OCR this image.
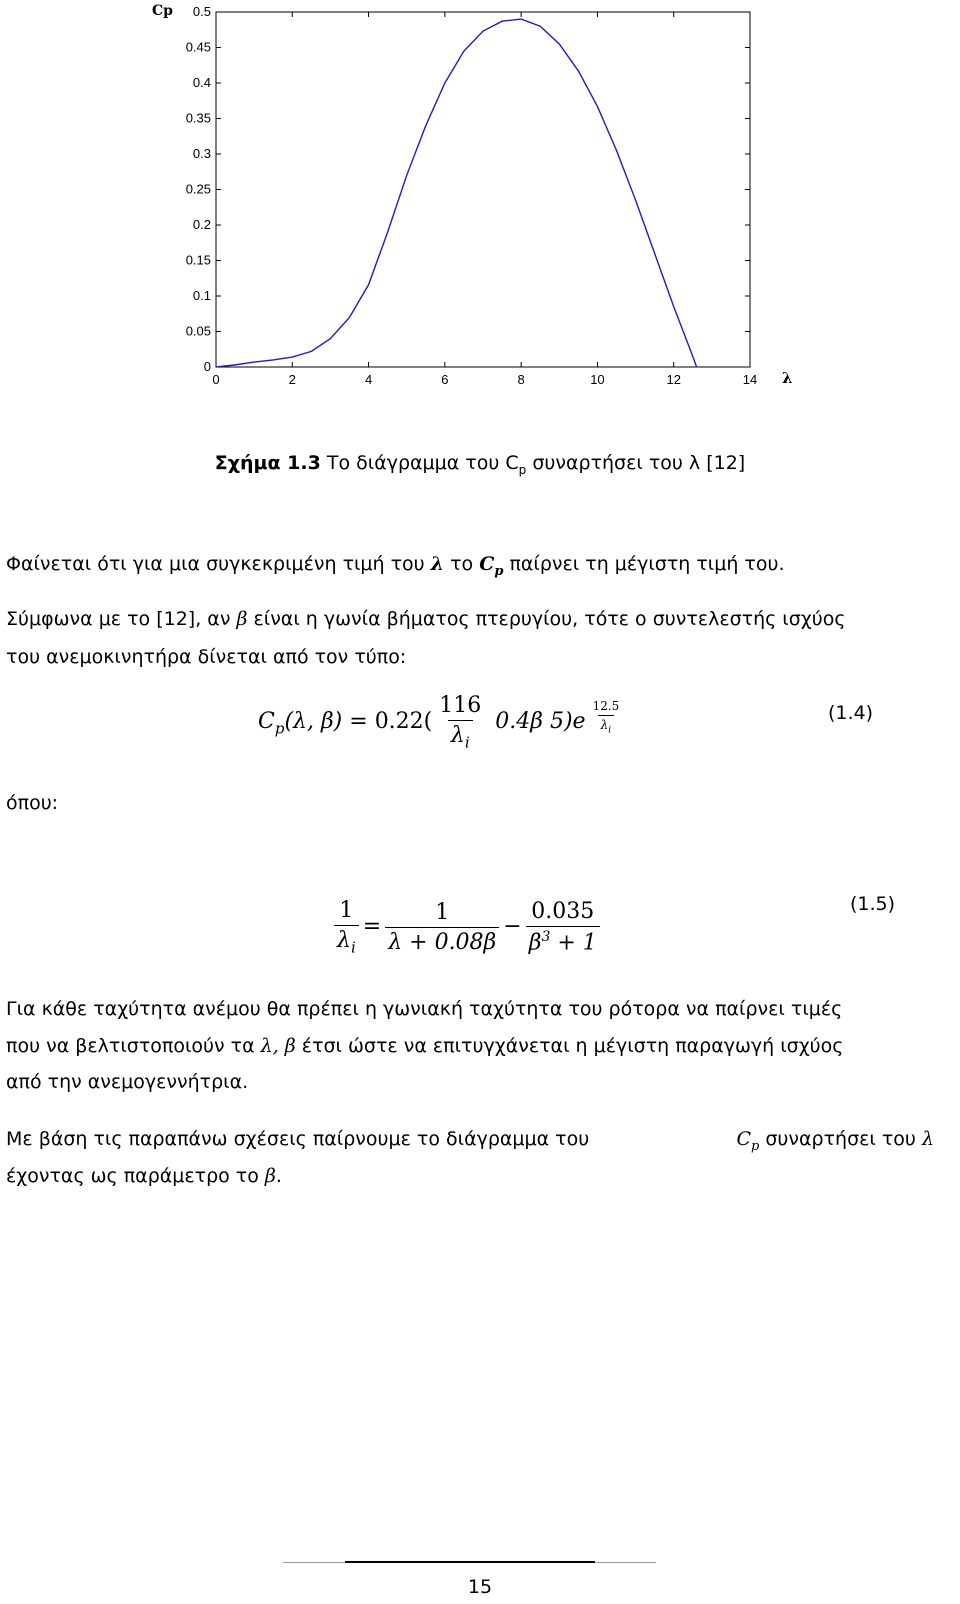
0	2	4	6	8	10	12	14
0
0.05
0.1
0.15
0.2
0.25
0.3
0.35
0.4
0.45
0.5
Cp
λ
Σχήμα 1.3 Το διάγραμμα του $C_p$ συναρτήσει του λ [12]
Φαίνεται ότι για μια συγκεκριμένη τιμή του λ το $C_p$ παίρνει τη μέγιστη τιμή του.
Σύμφωνα με το [12], αν β είναι η γωνία βήματος πτερυγίου, τότε ο συντελεστής ισχύος
του ανεμοκινητήρα δίνεται από τον τύπο:
$C_p(\lambda$, $\beta) = 0.22( \frac{116}{\lambda_i} 0.4\beta$ $5)e \frac{12.5}{\lambda_i}$	(1.4)
όπου:
$\frac{1}{\lambda_i} = \frac{1}{\lambda + 0.08\beta} - \frac{0.035}{\beta^3 + 1}$	(1.5)
Για κάθε ταχύτητα ανέμου θα πρέπει η γωνιακή ταχύτητα του ρότορα να παίρνει τιμές
που να βελτιστοποιούν τα λ, β έτσι ώστε να επιτυγχάνεται η μέγιστη παραγωγή ισχύος
από την ανεμογεννήτρια.
Με βάση τις παραπάνω σχέσεις παίρνουμε το διάγραμμα του	$C_p$ συναρτήσει του λ
έχοντας ως παράμετρο το β.
15
